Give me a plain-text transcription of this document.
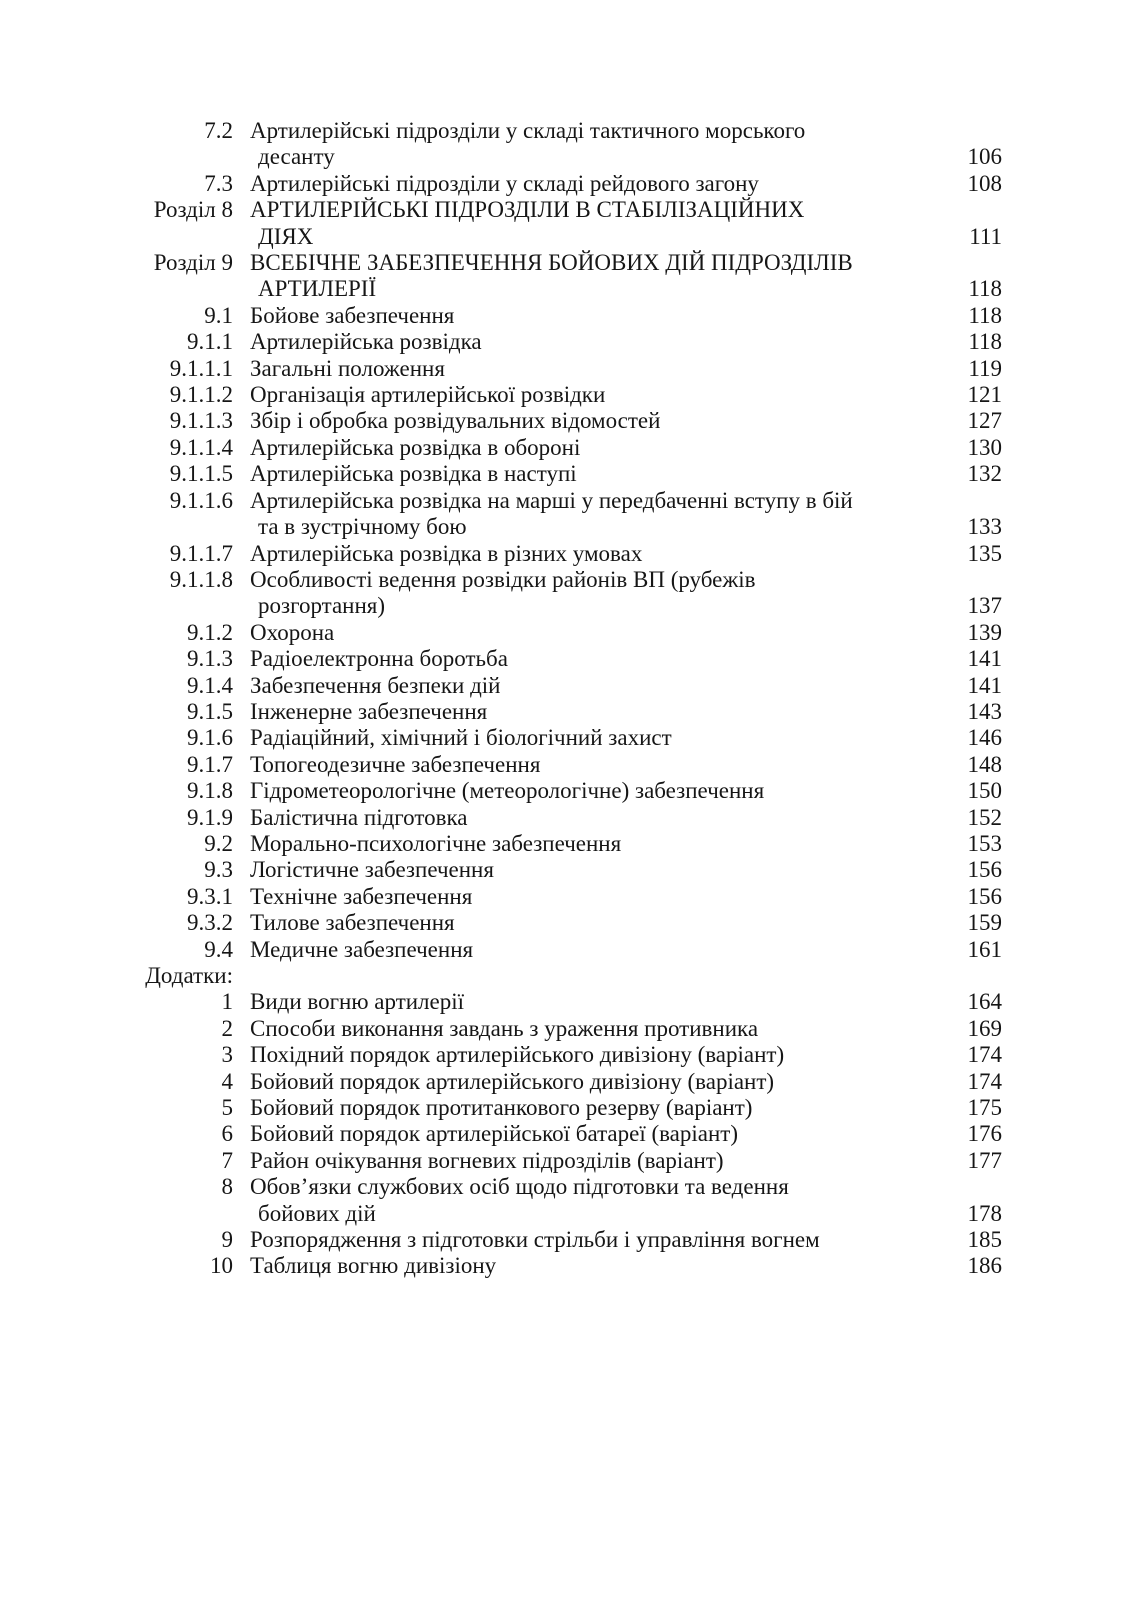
7.2 Артилерійські підрозділи у складі тактичного морського
десанту	106
7.3 Артилерійські підрозділи у складі рейдового загону	108
Розділ 8 АРТИЛЕРІЙСЬКІ ПІДРОЗДІЛИ В СТАБІЛІЗАЦІЙНИХ
ДІЯХ	111
Розділ 9 ВСЕБІЧНЕ ЗАБЕЗПЕЧЕННЯ БОЙОВИХ ДІЙ ПІДРОЗДІЛІВ
АРТИЛЕРІЇ	118
9.1 Бойове забезпечення	118
9.1.1 Артилерійська розвідка	118
9.1.1.1 Загальні положення	119
9.1.1.2 Організація артилерійської розвідки	121
9.1.1.3 Збір і обробка розвідувальних відомостей	127
9.1.1.4 Артилерійська розвідка в обороні	130
9.1.1.5 Артилерійська розвідка в наступі	132
9.1.1.6 Артилерійська розвідка на марші у передбаченні вступу в бій
та в зустрічному бою	133
9.1.1.7 Артилерійська розвідка в різних умовах	135
9.1.1.8 Особливості ведення розвідки районів ВП (рубежів
розгортання)	137
9.1.2 Охорона	139
9.1.3 Радіоелектронна боротьба	141
9.1.4 Забезпечення безпеки дій	141
9.1.5 Інженерне забезпечення	143
9.1.6 Радіаційний, хімічний і біологічний захист	146
9.1.7 Топогеодезичне забезпечення	148
9.1.8 Гідрометеорологічне (метеорологічне) забезпечення	150
9.1.9 Балістична підготовка	152
9.2 Морально-психологічне забезпечення	153
9.3 Логістичне забезпечення	156
9.3.1 Технічне забезпечення	156
9.3.2 Тилове забезпечення	159
9.4 Медичне забезпечення	161
Додатки:
1 Види вогню артилерії	164
2 Способи виконання завдань з ураження противника	169
3 Похідний порядок артилерійського дивізіону (варіант)	174
4 Бойовий порядок артилерійського дивізіону (варіант)	174
5 Бойовий порядок протитанкового резерву (варіант)	175
6 Бойовий порядок артилерійської батареї (варіант)	176
7 Район очікування вогневих підрозділів (варіант)	177
8 Обов’язки службових осіб щодо підготовки та ведення
бойових дій	178
9 Розпорядження з підготовки стрільби і управління вогнем	185
10 Таблиця вогню дивізіону	186
